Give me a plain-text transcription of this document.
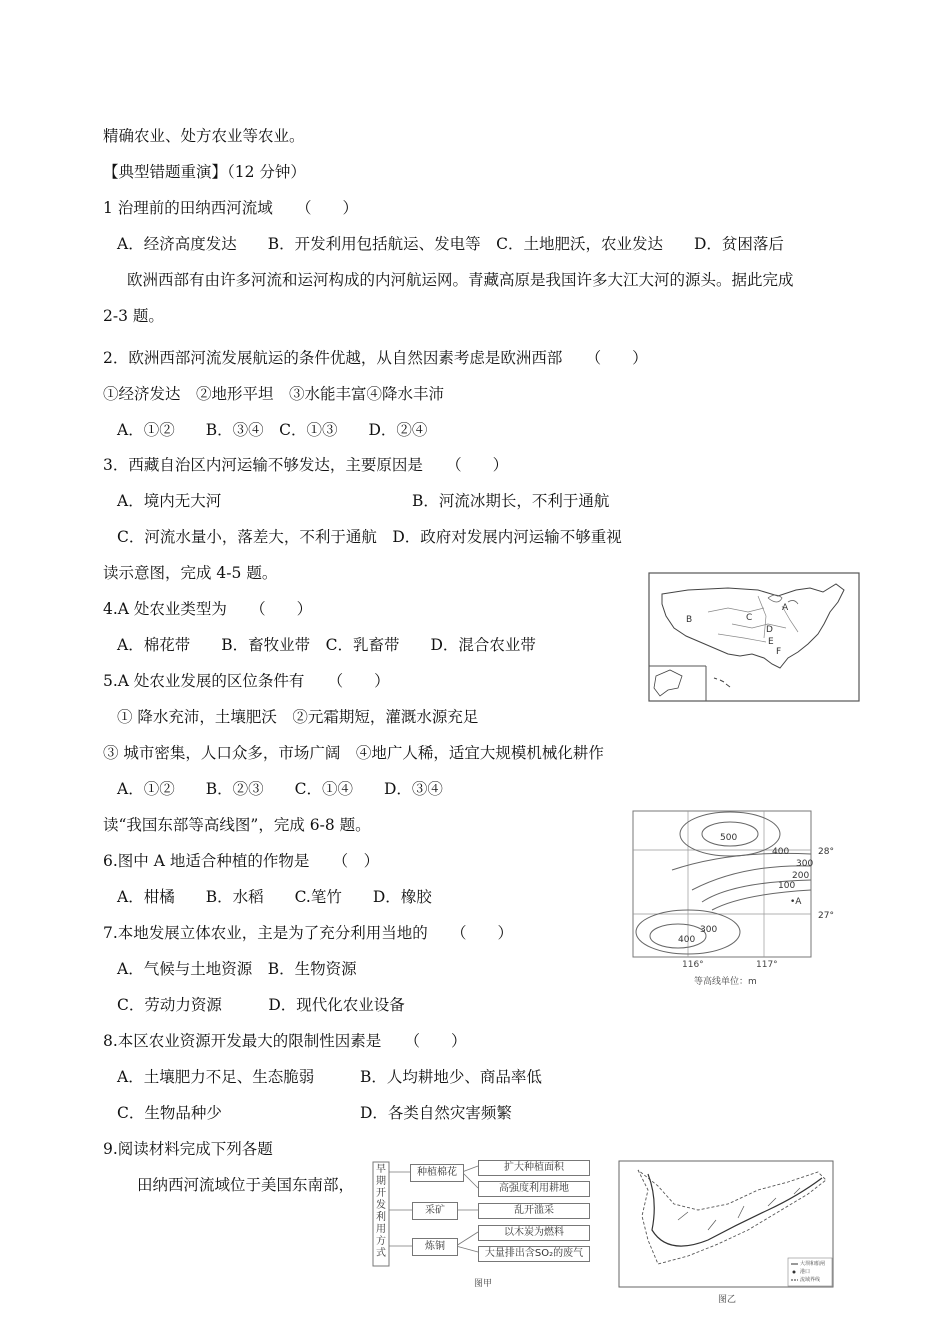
精确农业、处方农业等农业。
【典型错题重演】（12 分钟）
1 治理前的田纳西河流域　　（　　）
A．经济高度发达　　B．开发利用包括航运、发电等　C．土地肥沃，农业发达　　D．贫困落后
欧洲西部有由许多河流和运河构成的内河航运网。青藏高原是我国许多大江大河的源头。据此完成
2-3 题。
2．欧洲西部河流发展航运的条件优越，从自然因素考虑是欧洲西部　　（　　）
①经济发达　②地形平坦　③水能丰富④降水丰沛
A．①②　　B．③④　C．①③　　D．②④
3．西藏自治区内河运输不够发达，主要原因是　　（　　）
A．境内无大河	B．河流冰期长，不利于通航
C．河流水量小，落差大，不利于通航　D．政府对发展内河运输不够重视
读示意图，完成 4-5 题。
4.A 处农业类型为　　（　　）
A．棉花带　　B．畜牧业带　C．乳畜带　　D．混合农业带
5.A 处农业发展的区位条件有　　（　　）
① 降水充沛，土壤肥沃　②元霜期短，灌溉水源充足
③ 城市密集，人口众多，市场广阔　④地广人稀，适宜大规模机械化耕作
A．①②　　B．②③　　C．①④　　D．③④
读“我国东部等高线图”，完成 6-8 题。
6.图中 A 地适合种植的作物是　　（　）
A．柑橘　　B．水稻　　C.笔竹　　D．橡胶
7.本地发展立体农业，主是为了充分利用当地的　　（　　）
A．气候与土地资源　B．生物资源
C．劳动力资源　　　D．现代化农业设备
8.本区农业资源开发最大的限制性因素是　　（　　）
A．土壤肥力不足、生态脆弱	B．人均耕地少、商品率低
C．生物品种少	D．各类自然灾害频繁
9.阅读材料完成下列各题
田纳西河流域位于美国东南部，
A
B	C
D
E
F
500
400
300
200
100
300
400
•A
28°
27°
116°	117°
等高线单位：m
早期开发利用方式
种植棉花
采矿
炼铜
扩大种植面积
高强度利用耕地
乱开滥采
以木炭为燃料
大量排出含SO₂的废气
图甲
大坝和船闸
港口
流域界线
图乙
